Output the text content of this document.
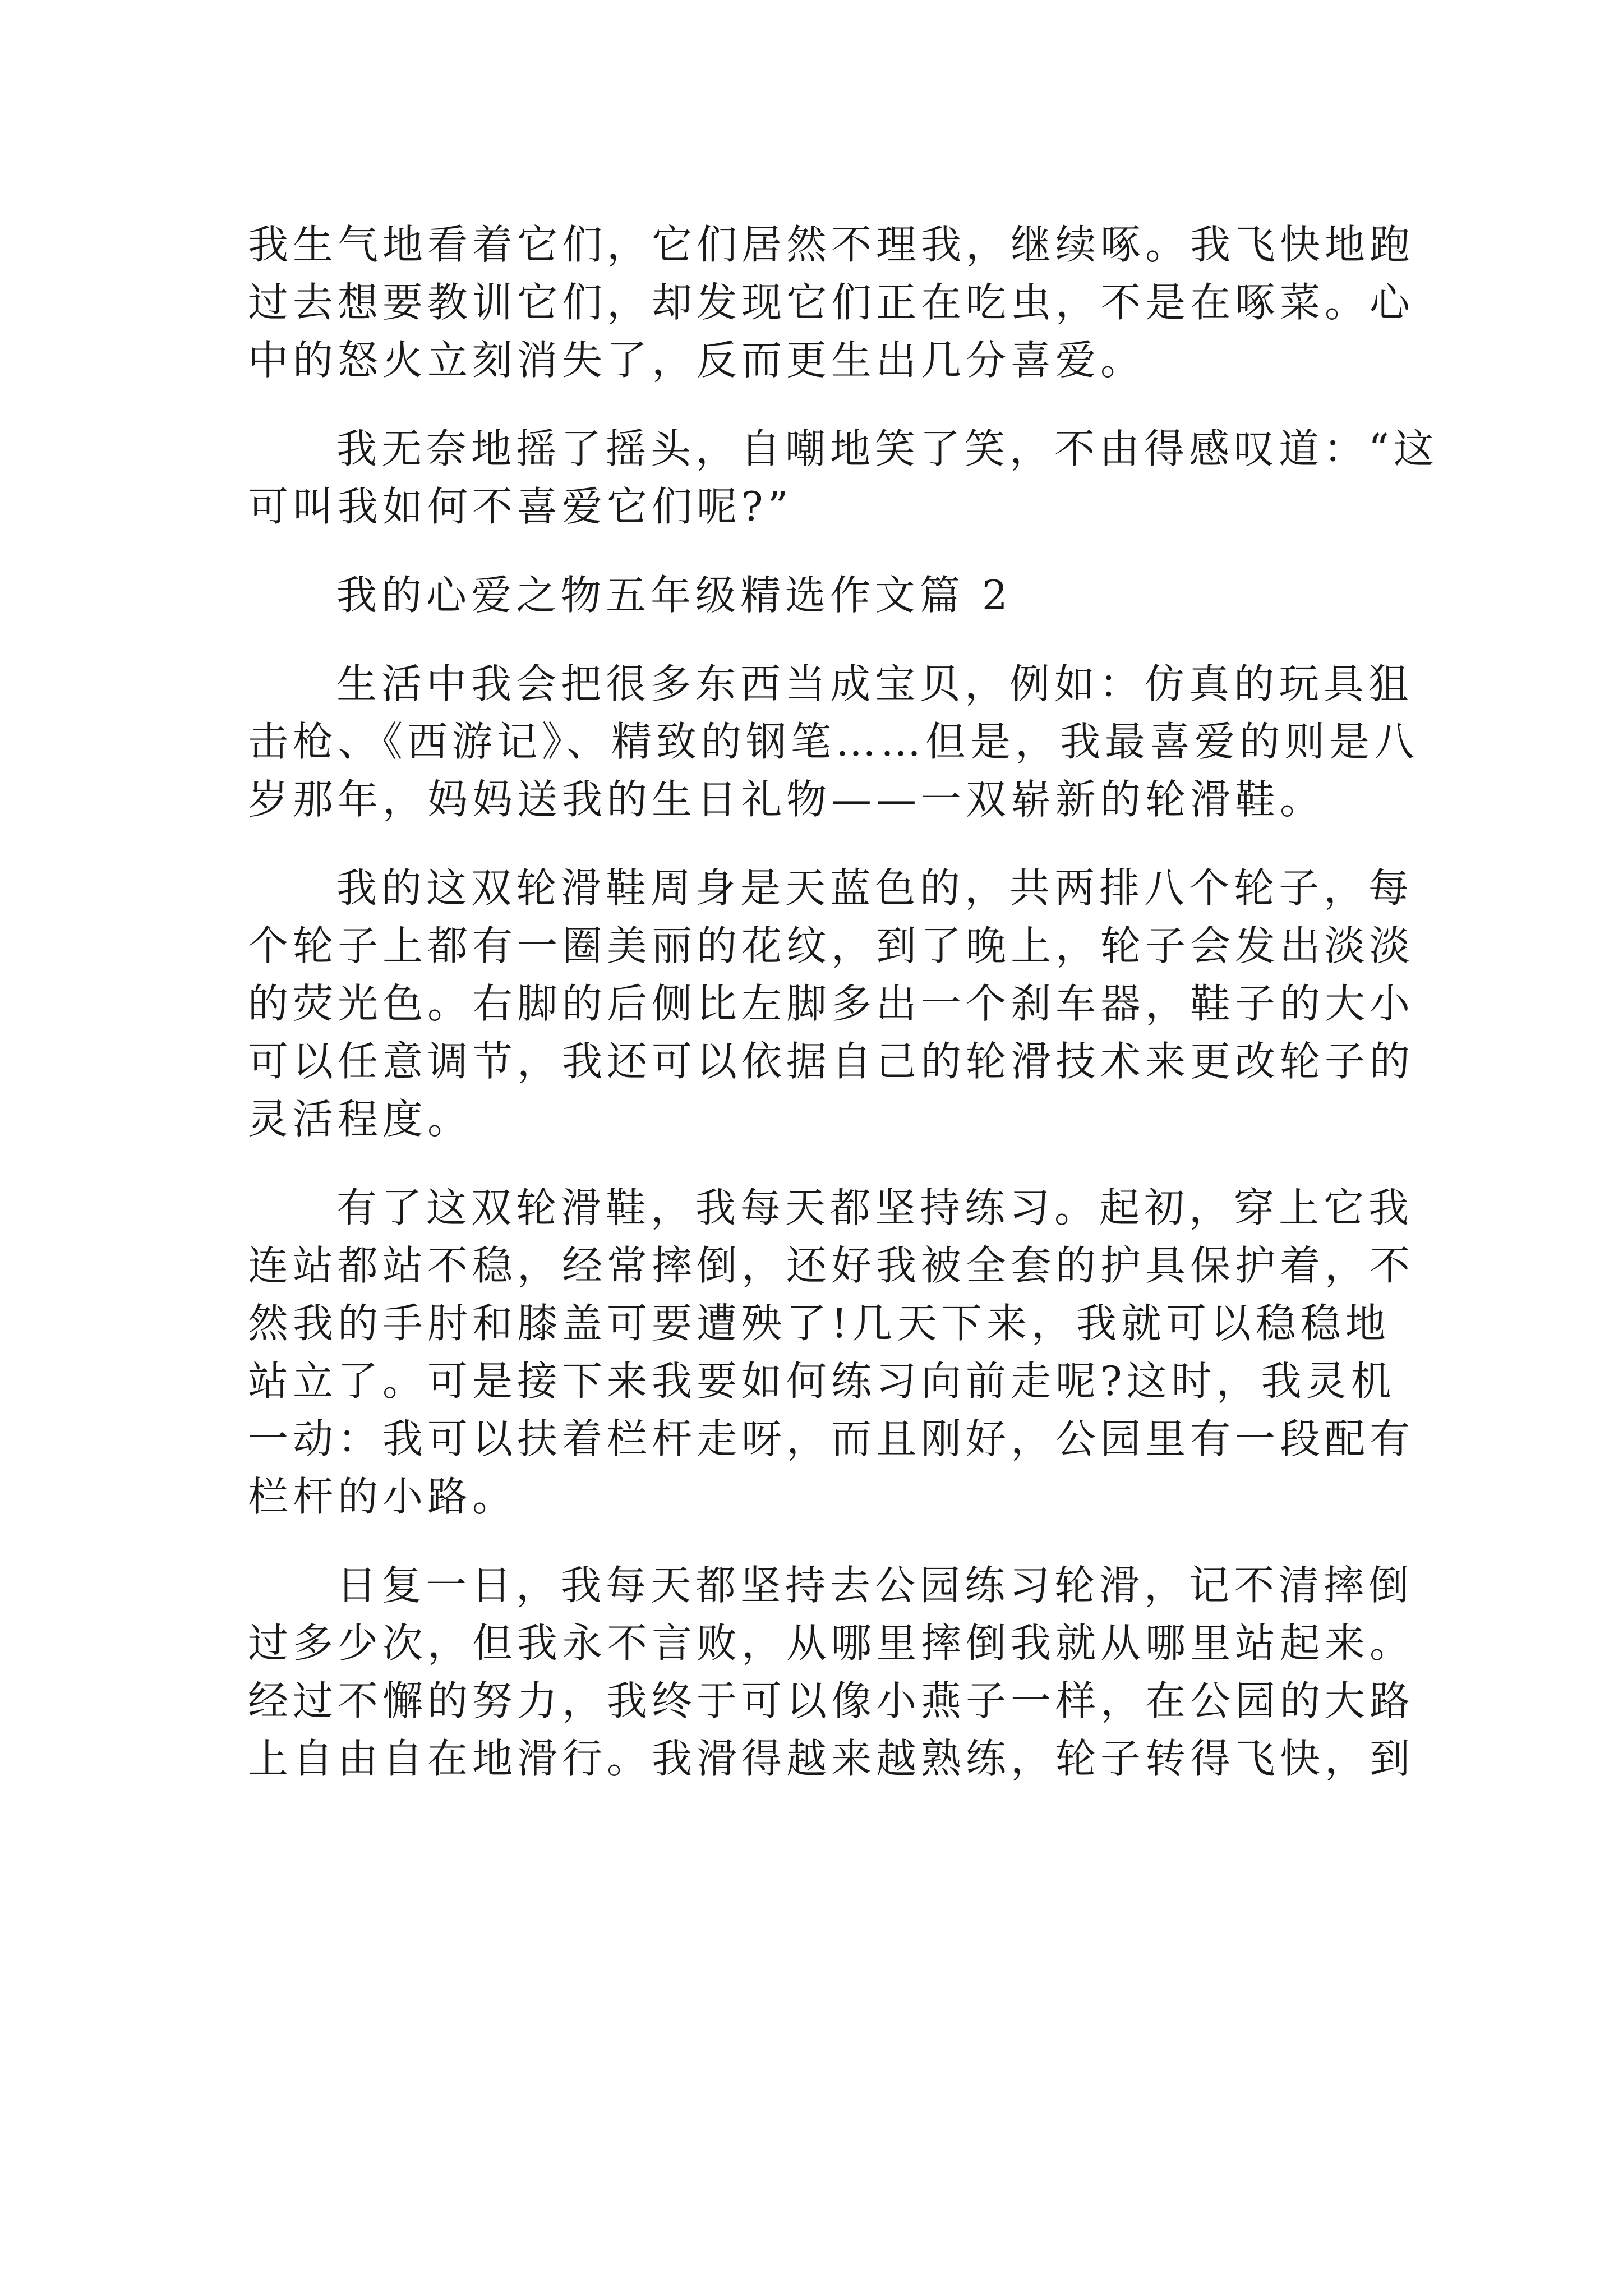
我生气地看着它们，它们居然不理我，继续啄。我飞快地跑

过去想要教训它们，却发现它们正在吃虫，不是在啄菜。心

中的怒火立刻消失了，反而更生出几分喜爱。

我无奈地摇了摇头，自嘲地笑了笑，不由得感叹道：“这

可叫我如何不喜爱它们呢?”

我的心爱之物五年级精选作文篇 2

生活中我会把很多东西当成宝贝，例如：仿真的玩具狙

击枪、《西游记》、精致的钢笔……但是，我最喜爱的则是八

岁那年，妈妈送我的生日礼物——一双崭新的轮滑鞋。

我的这双轮滑鞋周身是天蓝色的，共两排八个轮子，每

个轮子上都有一圈美丽的花纹，到了晚上，轮子会发出淡淡

的荧光色。右脚的后侧比左脚多出一个刹车器，鞋子的大小

可以任意调节，我还可以依据自己的轮滑技术来更改轮子的

灵活程度。

有了这双轮滑鞋，我每天都坚持练习。起初，穿上它我

连站都站不稳，经常摔倒，还好我被全套的护具保护着，不

然我的手肘和膝盖可要遭殃了!几天下来，我就可以稳稳地

站立了。可是接下来我要如何练习向前走呢?这时，我灵机

一动：我可以扶着栏杆走呀，而且刚好，公园里有一段配有

栏杆的小路。

日复一日，我每天都坚持去公园练习轮滑，记不清摔倒

过多少次，但我永不言败，从哪里摔倒我就从哪里站起来。

经过不懈的努力，我终于可以像小燕子一样，在公园的大路

上自由自在地滑行。我滑得越来越熟练，轮子转得飞快，到
